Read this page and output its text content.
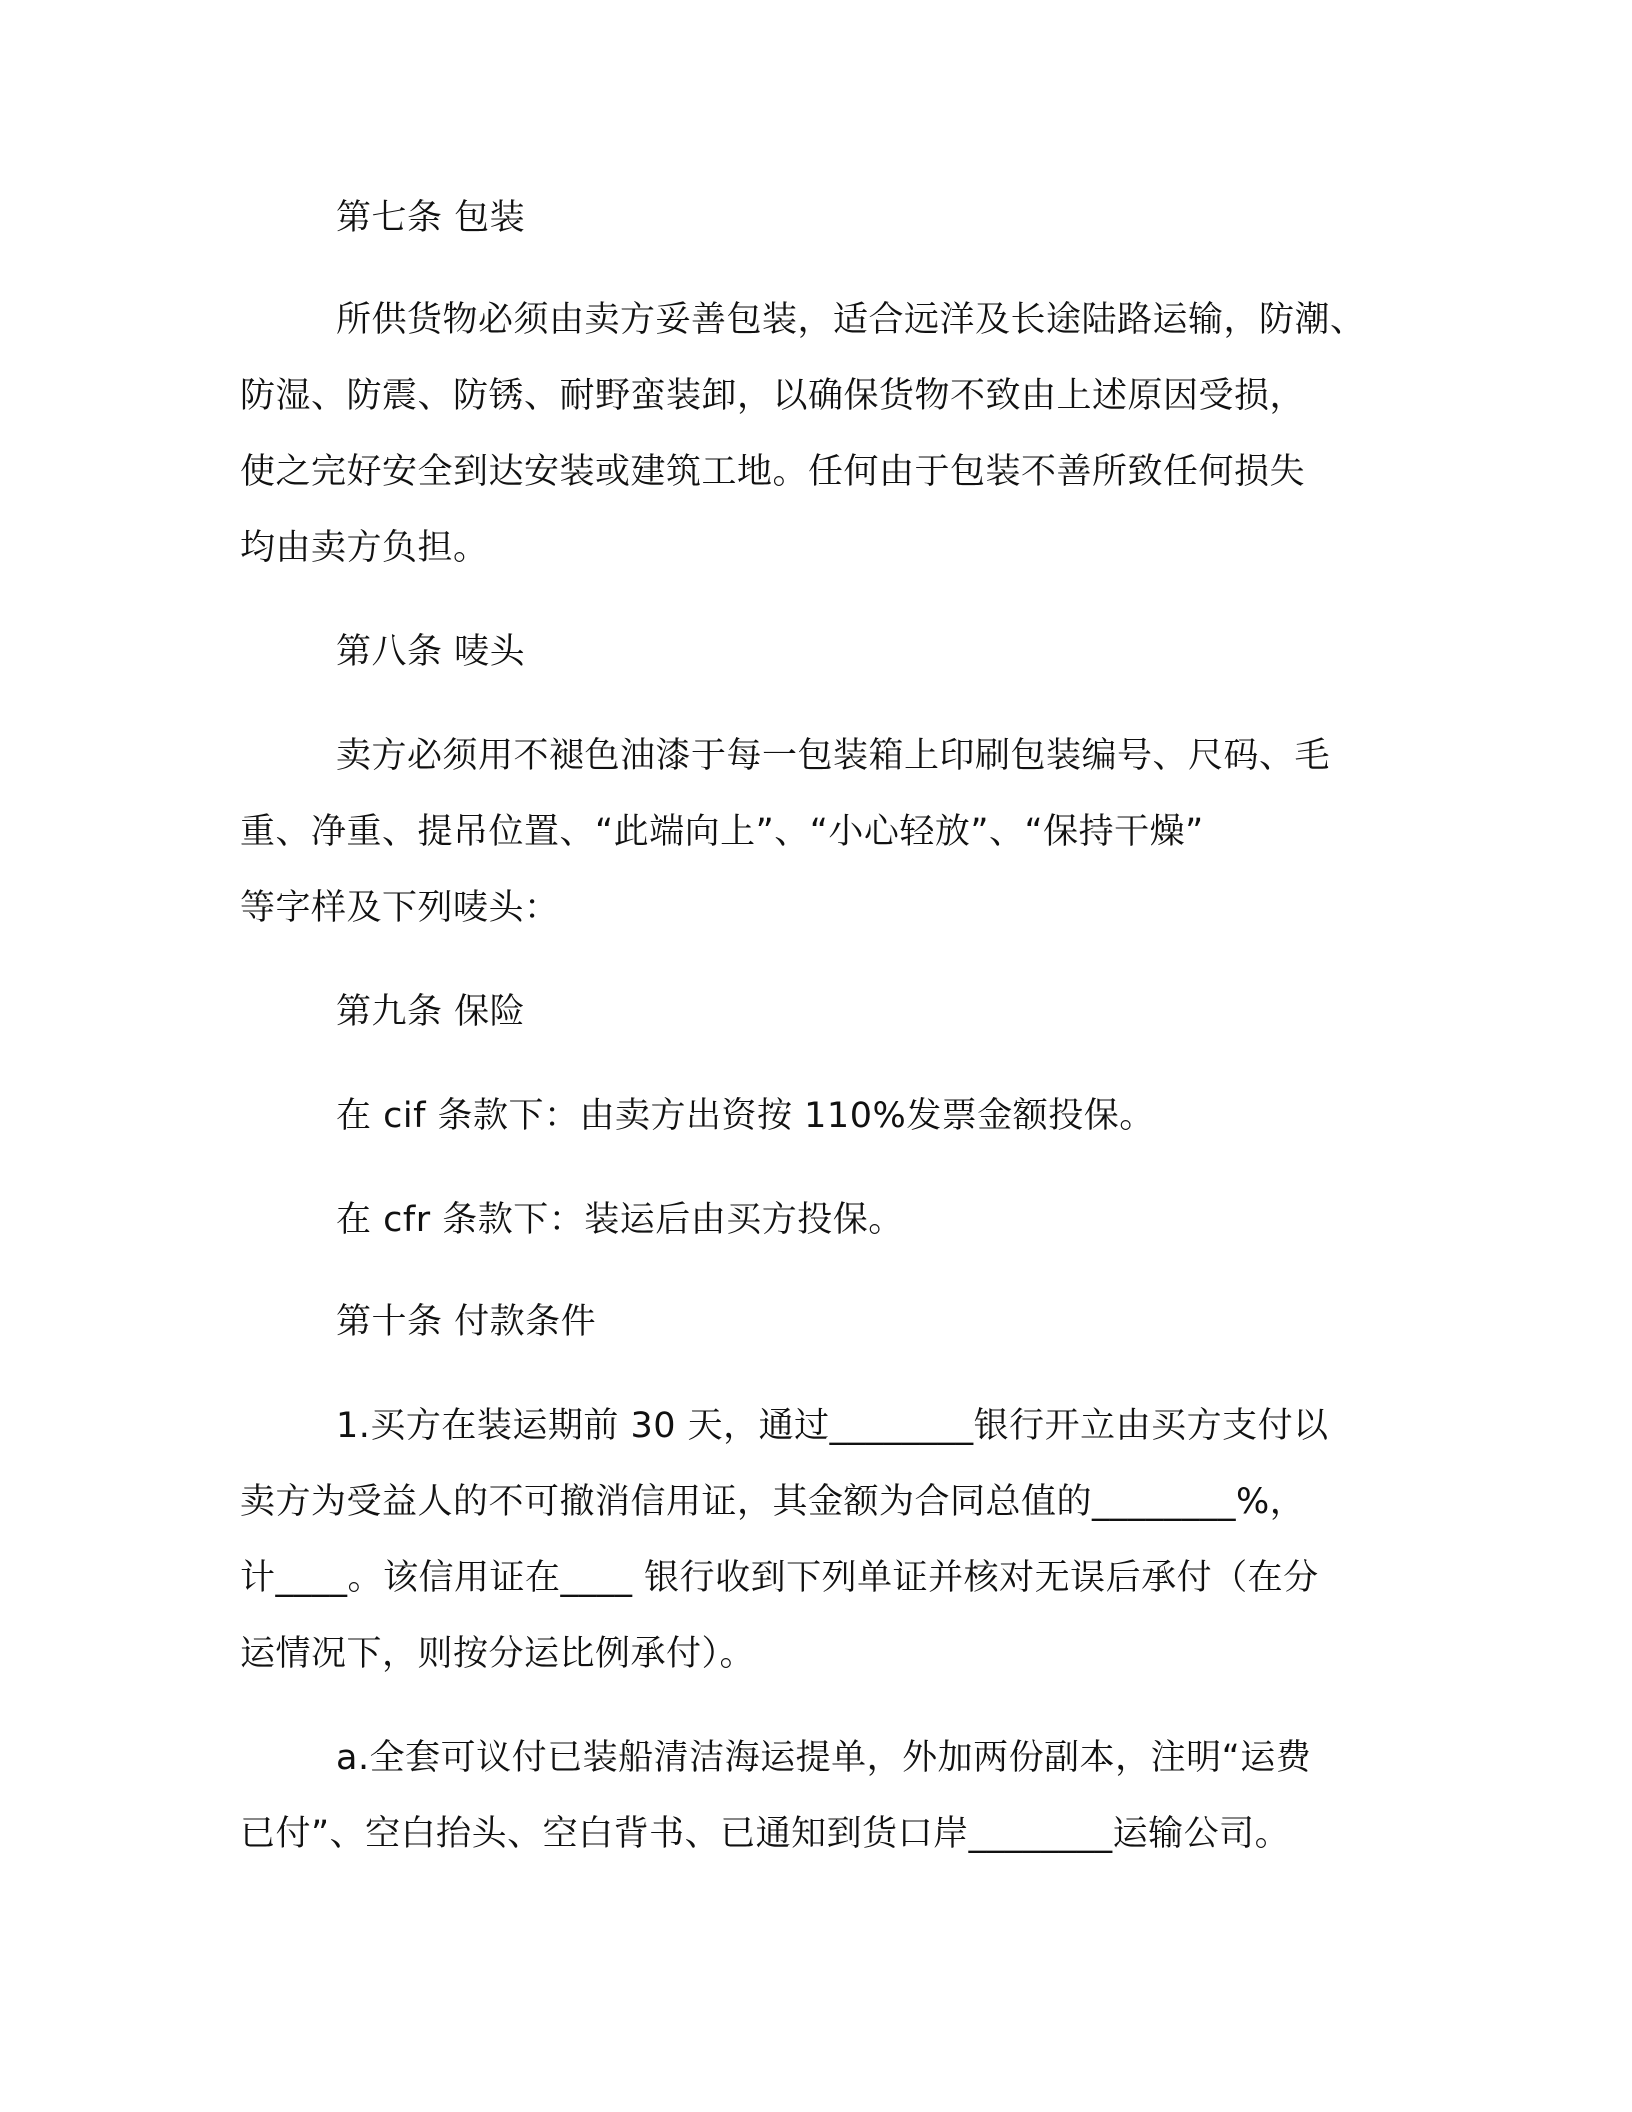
第七条 包装
所供货物必须由卖方妥善包装，适合远洋及长途陆路运输，防潮、
防湿、防震、防锈、耐野蛮装卸，以确保货物不致由上述原因受损，
使之完好安全到达安装或建筑工地。任何由于包装不善所致任何损失
均由卖方负担。
第八条 唛头
卖方必须用不褪色油漆于每一包装箱上印刷包装编号、尺码、毛
重、净重、提吊位置、“此端向上”、“小心轻放”、“保持干燥”
等字样及下列唛头：
第九条 保险
在 cif 条款下：由卖方出资按 110%发票金额投保。
在 cfr 条款下：装运后由买方投保。
第十条 付款条件
1.买方在装运期前 30 天，通过________银行开立由买方支付以
卖方为受益人的不可撤消信用证，其金额为合同总值的________%，
计____。该信用证在____ 银行收到下列单证并核对无误后承付（在分
运情况下，则按分运比例承付）。
a.全套可议付已装船清洁海运提单，外加两份副本，注明“运费
已付”、空白抬头、空白背书、已通知到货口岸________运输公司。
